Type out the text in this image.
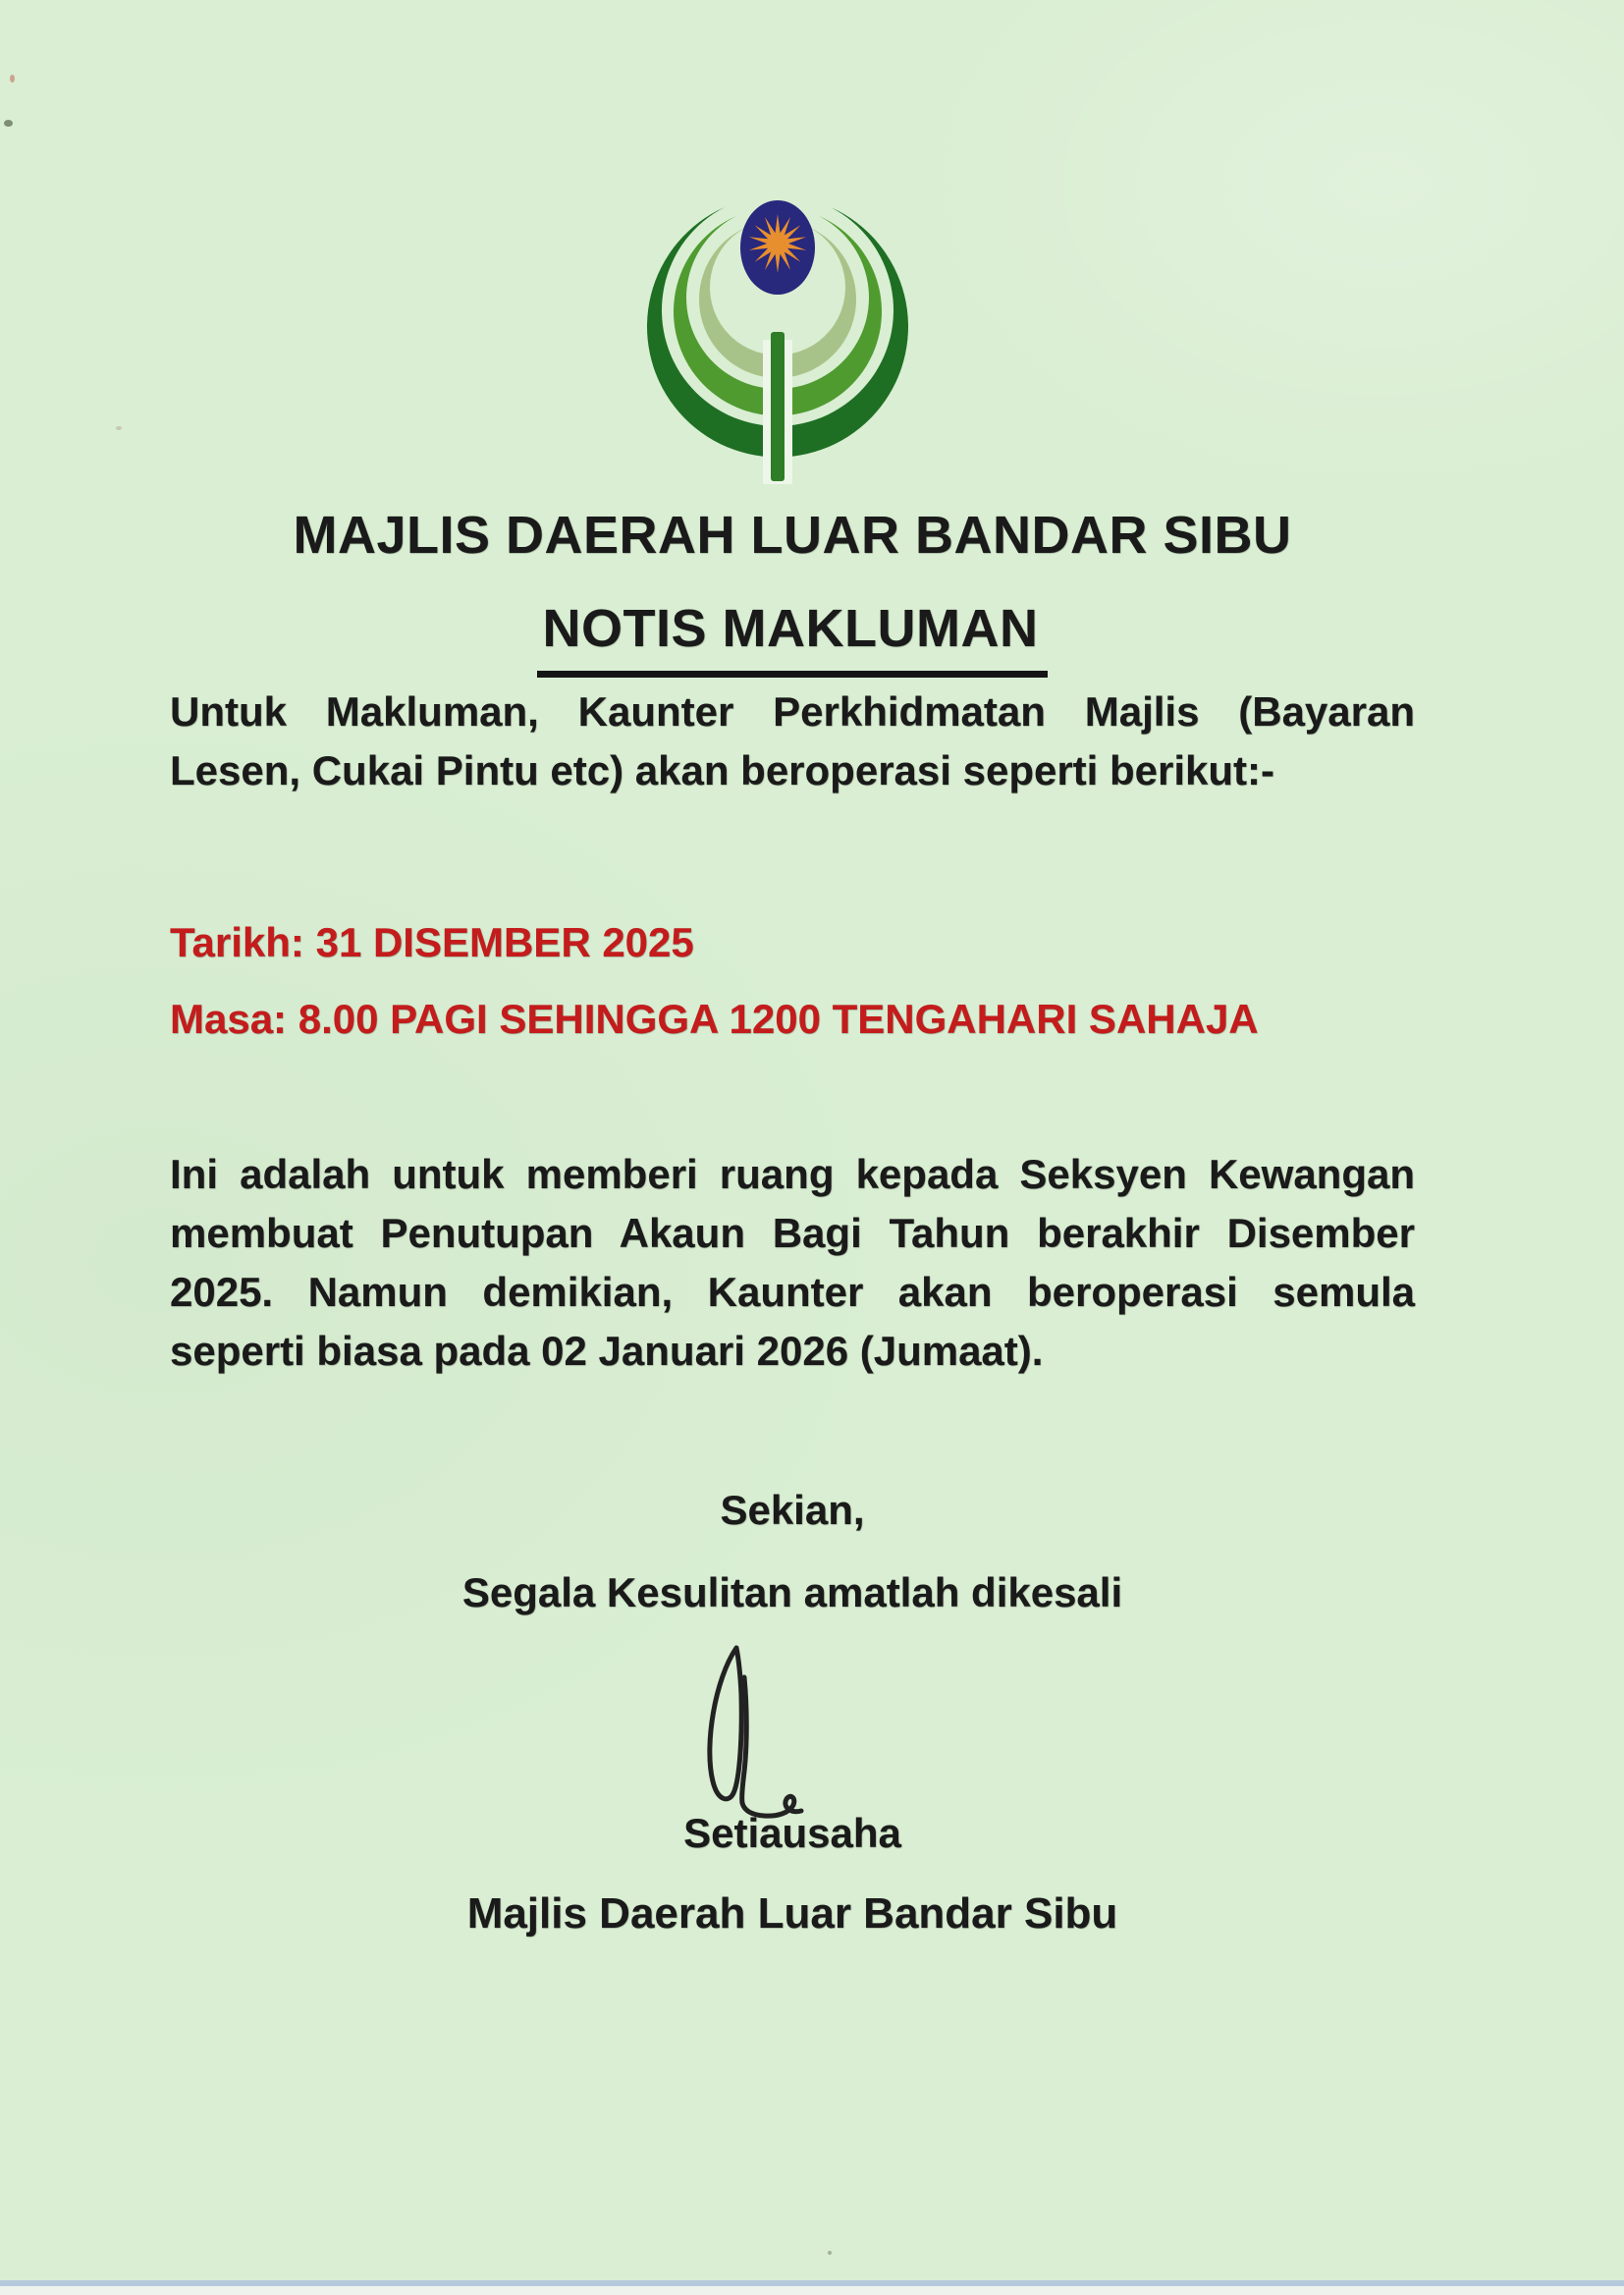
MAJLIS DAERAH LUAR BANDAR SIBU
NOTIS MAKLUMAN
Untuk Makluman, Kaunter Perkhidmatan Majlis (Bayaran
Lesen, Cukai Pintu etc) akan beroperasi seperti berikut:-
Tarikh: 31 DISEMBER 2025
Masa: 8.00 PAGI SEHINGGA 1200 TENGAHARI SAHAJA
Ini adalah untuk memberi ruang kepada Seksyen Kewangan
membuat Penutupan Akaun Bagi Tahun berakhir Disember
2025. Namun demikian, Kaunter akan beroperasi semula
seperti biasa pada 02 Januari 2026 (Jumaat).
Sekian,
Segala Kesulitan amatlah dikesali
Setiausaha
Majlis Daerah Luar Bandar Sibu
